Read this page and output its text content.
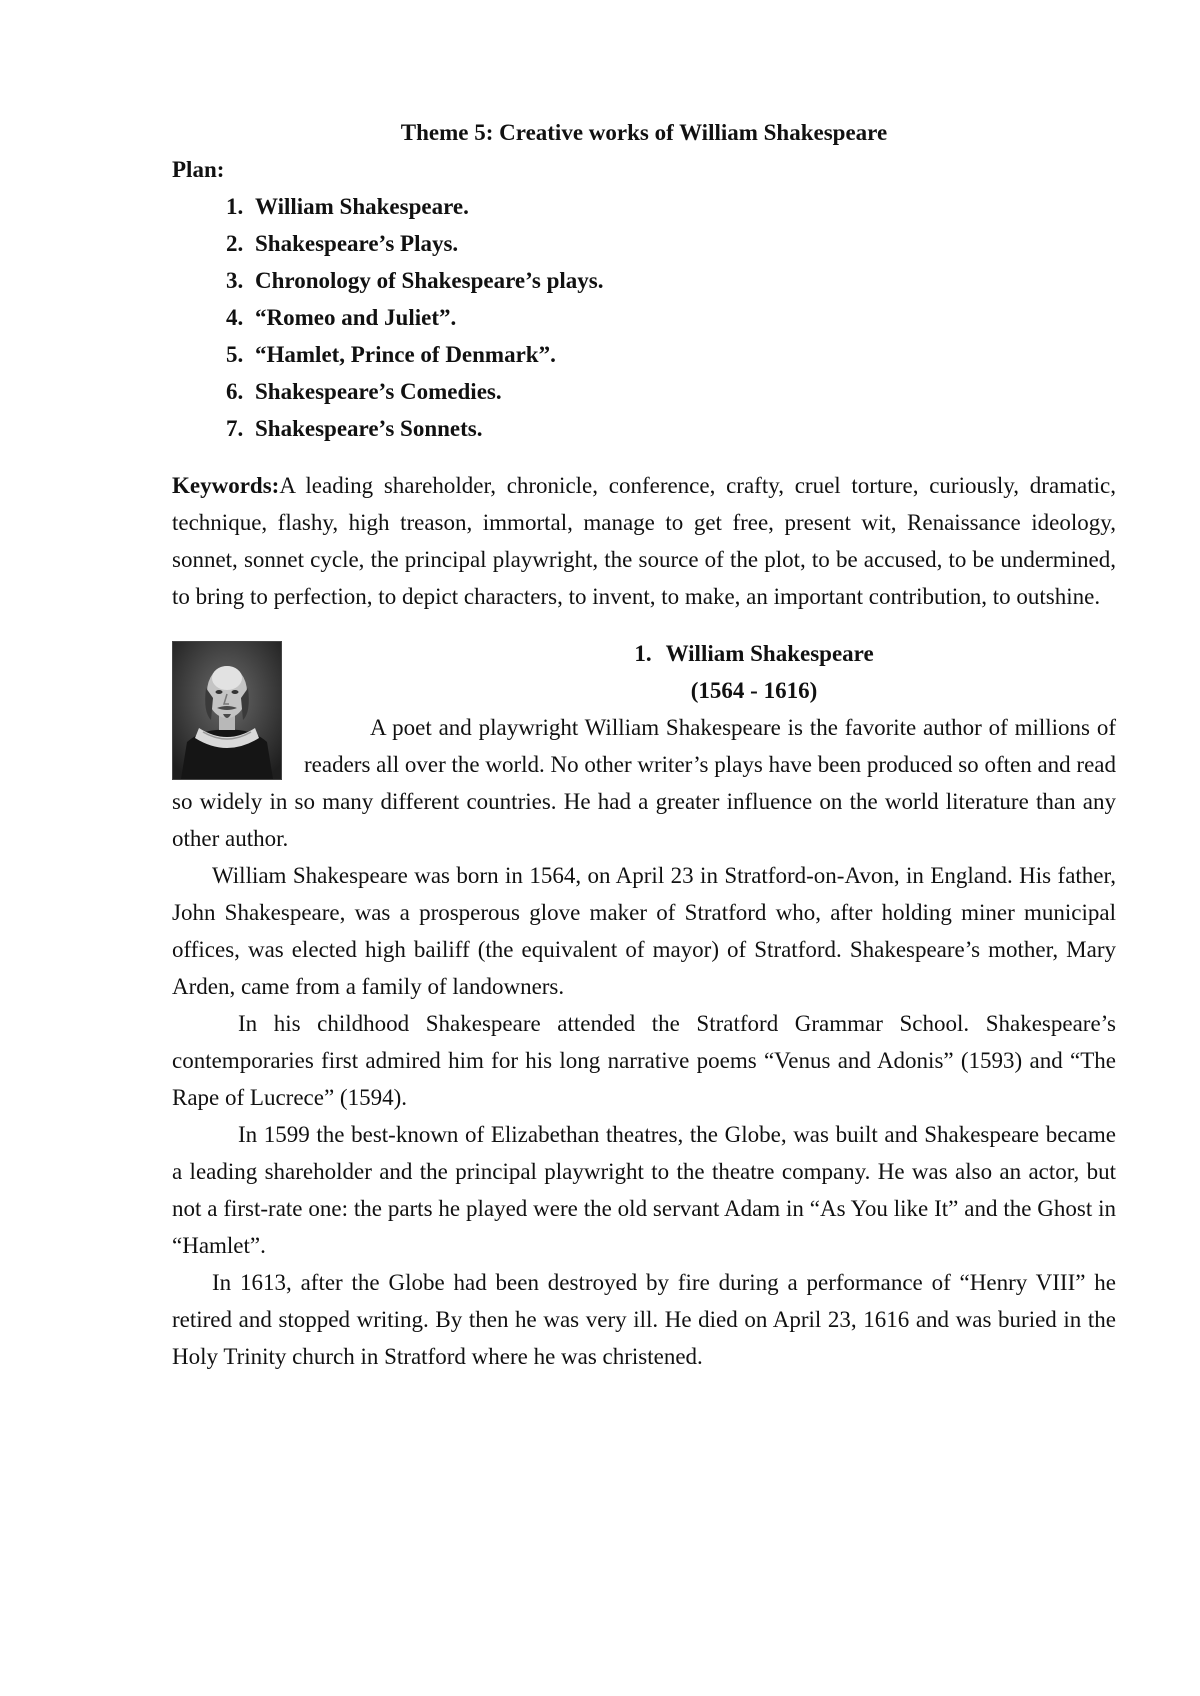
Theme 5: Creative works of William Shakespeare

Plan:

1. William Shakespeare.
2. Shakespeare’s Plays.
3. Chronology of Shakespeare’s plays.
4. “Romeo and Juliet”.
5. “Hamlet, Prince of Denmark”.
6. Shakespeare’s Comedies.
7. Shakespeare’s Sonnets.

Keywords:A leading shareholder, chronicle, conference, crafty, cruel torture, curiously, dramatic, technique, flashy, high treason, immortal, manage to get free, present wit, Renaissance ideology, sonnet, sonnet cycle, the principal playwright, the source of the plot, to be accused, to be undermined, to bring to perfection, to depict characters, to invent, to make, an important contribution, to outshine.

1. William Shakespeare

(1564 - 1616)

A poet and playwright William Shakespeare is the favorite author of millions of readers all over the world. No other writer’s plays have been produced so often and read so widely in so many different countries. He had a greater influence on the world literature than any other author.

William Shakespeare was born in 1564, on April 23 in Stratford-on-Avon, in England. His father, John Shakespeare, was a prosperous glove maker of Stratford who, after holding miner municipal offices, was elected high bailiff (the equivalent of mayor) of Stratford. Shakespeare’s mother, Mary Arden, came from a family of landowners.

In his childhood Shakespeare attended the Stratford Grammar School. Shakespeare’s contemporaries first admired him for his long narrative poems “Venus and Adonis” (1593) and “The Rape of Lucrece” (1594).

In 1599 the best-known of Elizabethan theatres, the Globe, was built and Shakespeare became a leading shareholder and the principal playwright to the theatre company. He was also an actor, but not a first-rate one: the parts he played were the old servant Adam in “As You like It” and the Ghost in “Hamlet”.

In 1613, after the Globe had been destroyed by fire during a performance of “Henry VIII” he retired and stopped writing. By then he was very ill. He died on April 23, 1616 and was buried in the Holy Trinity church in Stratford where he was christened.
